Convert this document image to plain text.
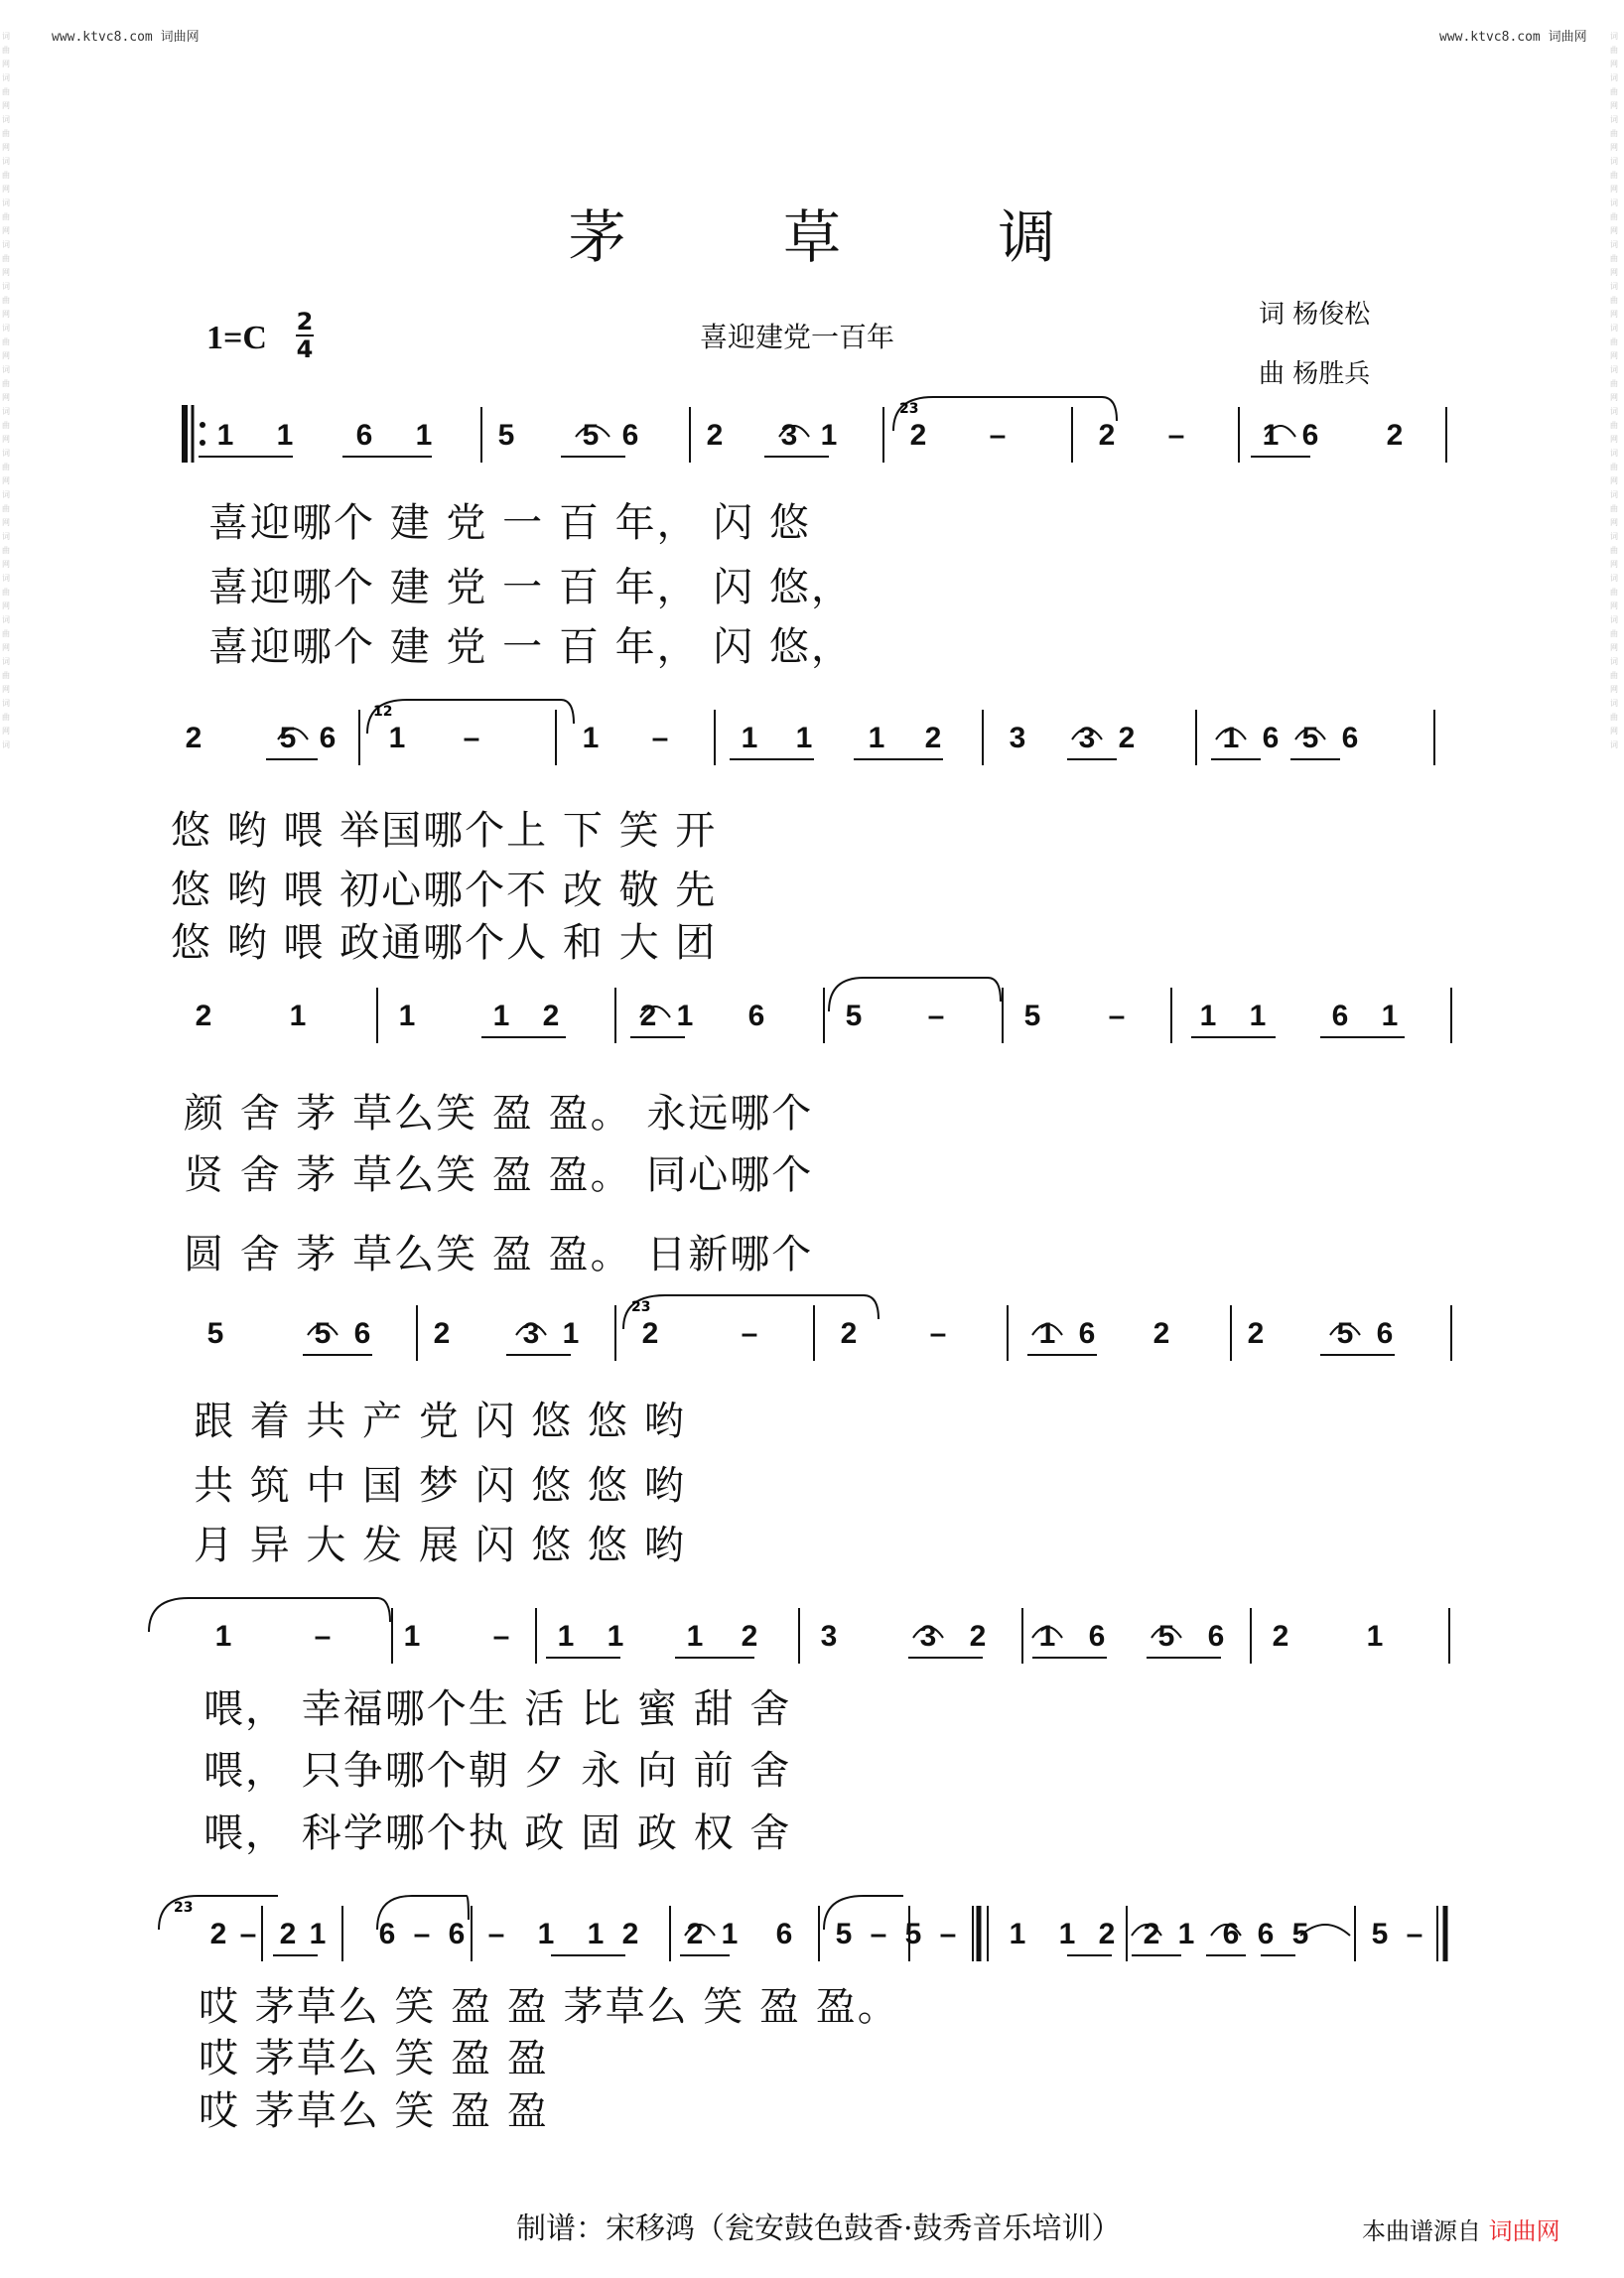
www.ktvc8.com 词曲网	www.ktvc8.com 词曲网
词
曲
网
词
曲
网
词
曲
网
词
曲
网
词
曲
网
词
曲
网
词
曲
网
词
曲
网
词
曲
网
词
曲
网
词
曲
网
词
曲
网
词
曲
网
词
曲
网
词
曲
网
词
曲
网
词
曲
网
词
词
曲
网
词
曲
网
词
曲
网
词
曲
网
词
曲
网
词
曲
网
词
曲
网
词
曲
网
词
曲
网
词
曲
网
词
曲
网
词
曲
网
词
曲
网
词
曲
网
词
曲
网
词
曲
网
词
曲
网
词
茅 草 调
1=C 2
4	喜迎建党一百年
词 杨俊松
曲 杨胜兵
23
1 1 6 1 5 5 6 2 3 1 2 –	2 –	1 6 2
喜迎哪个 建 党 一 百 年， 闪 悠
喜迎哪个 建 党 一 百 年， 闪 悠，
喜迎哪个 建 党 一 百 年， 闪 悠，
12
2	5 6 1 –	1 – 1 1 1 2 3 3 2	1 6 5 6
悠 哟 喂 举国哪个上 下 笑 开
悠 哟 喂 初心哪个不 改 敬 先
悠 哟 喂 政通哪个人 和 大 团
2	1	1	1 2	2 1 6	5 –	5 –	1 1 6 1
颜 舍 茅 草么笑 盈 盈。 永远哪个
贤 舍 茅 草么笑 盈 盈。 同心哪个
圆 舍 茅 草么笑 盈 盈。 日新哪个
23
5	5 6 2 3 1 2	–	2 –	1 6 2	2 5 6
跟 着 共 产 党 闪 悠 悠 哟
共 筑 中 国 梦 闪 悠 悠 哟
月 异 大 发 展 闪 悠 悠 哟
1	– 1 – 1 1 1 2 3	3 2 1 6 5 6 2	1
喂， 幸福哪个生 活 比 蜜 甜 舍
喂， 只争哪个朝 夕 永 向 前 舍
喂， 科学哪个执 政 固 政 权 舍
23
2 – 2 1 6 – 6 – 1 1 2 2 1 6 5 – 5 – 1 1 2 2 1 6 6 5 5 –
哎 茅草么 笑 盈 盈 茅草么 笑 盈 盈。
哎 茅草么 笑 盈 盈
哎 茅草么 笑 盈 盈
制谱：宋移鸿（瓮安鼓色鼓香·鼓秀音乐培训）	本曲谱源自 词曲网
